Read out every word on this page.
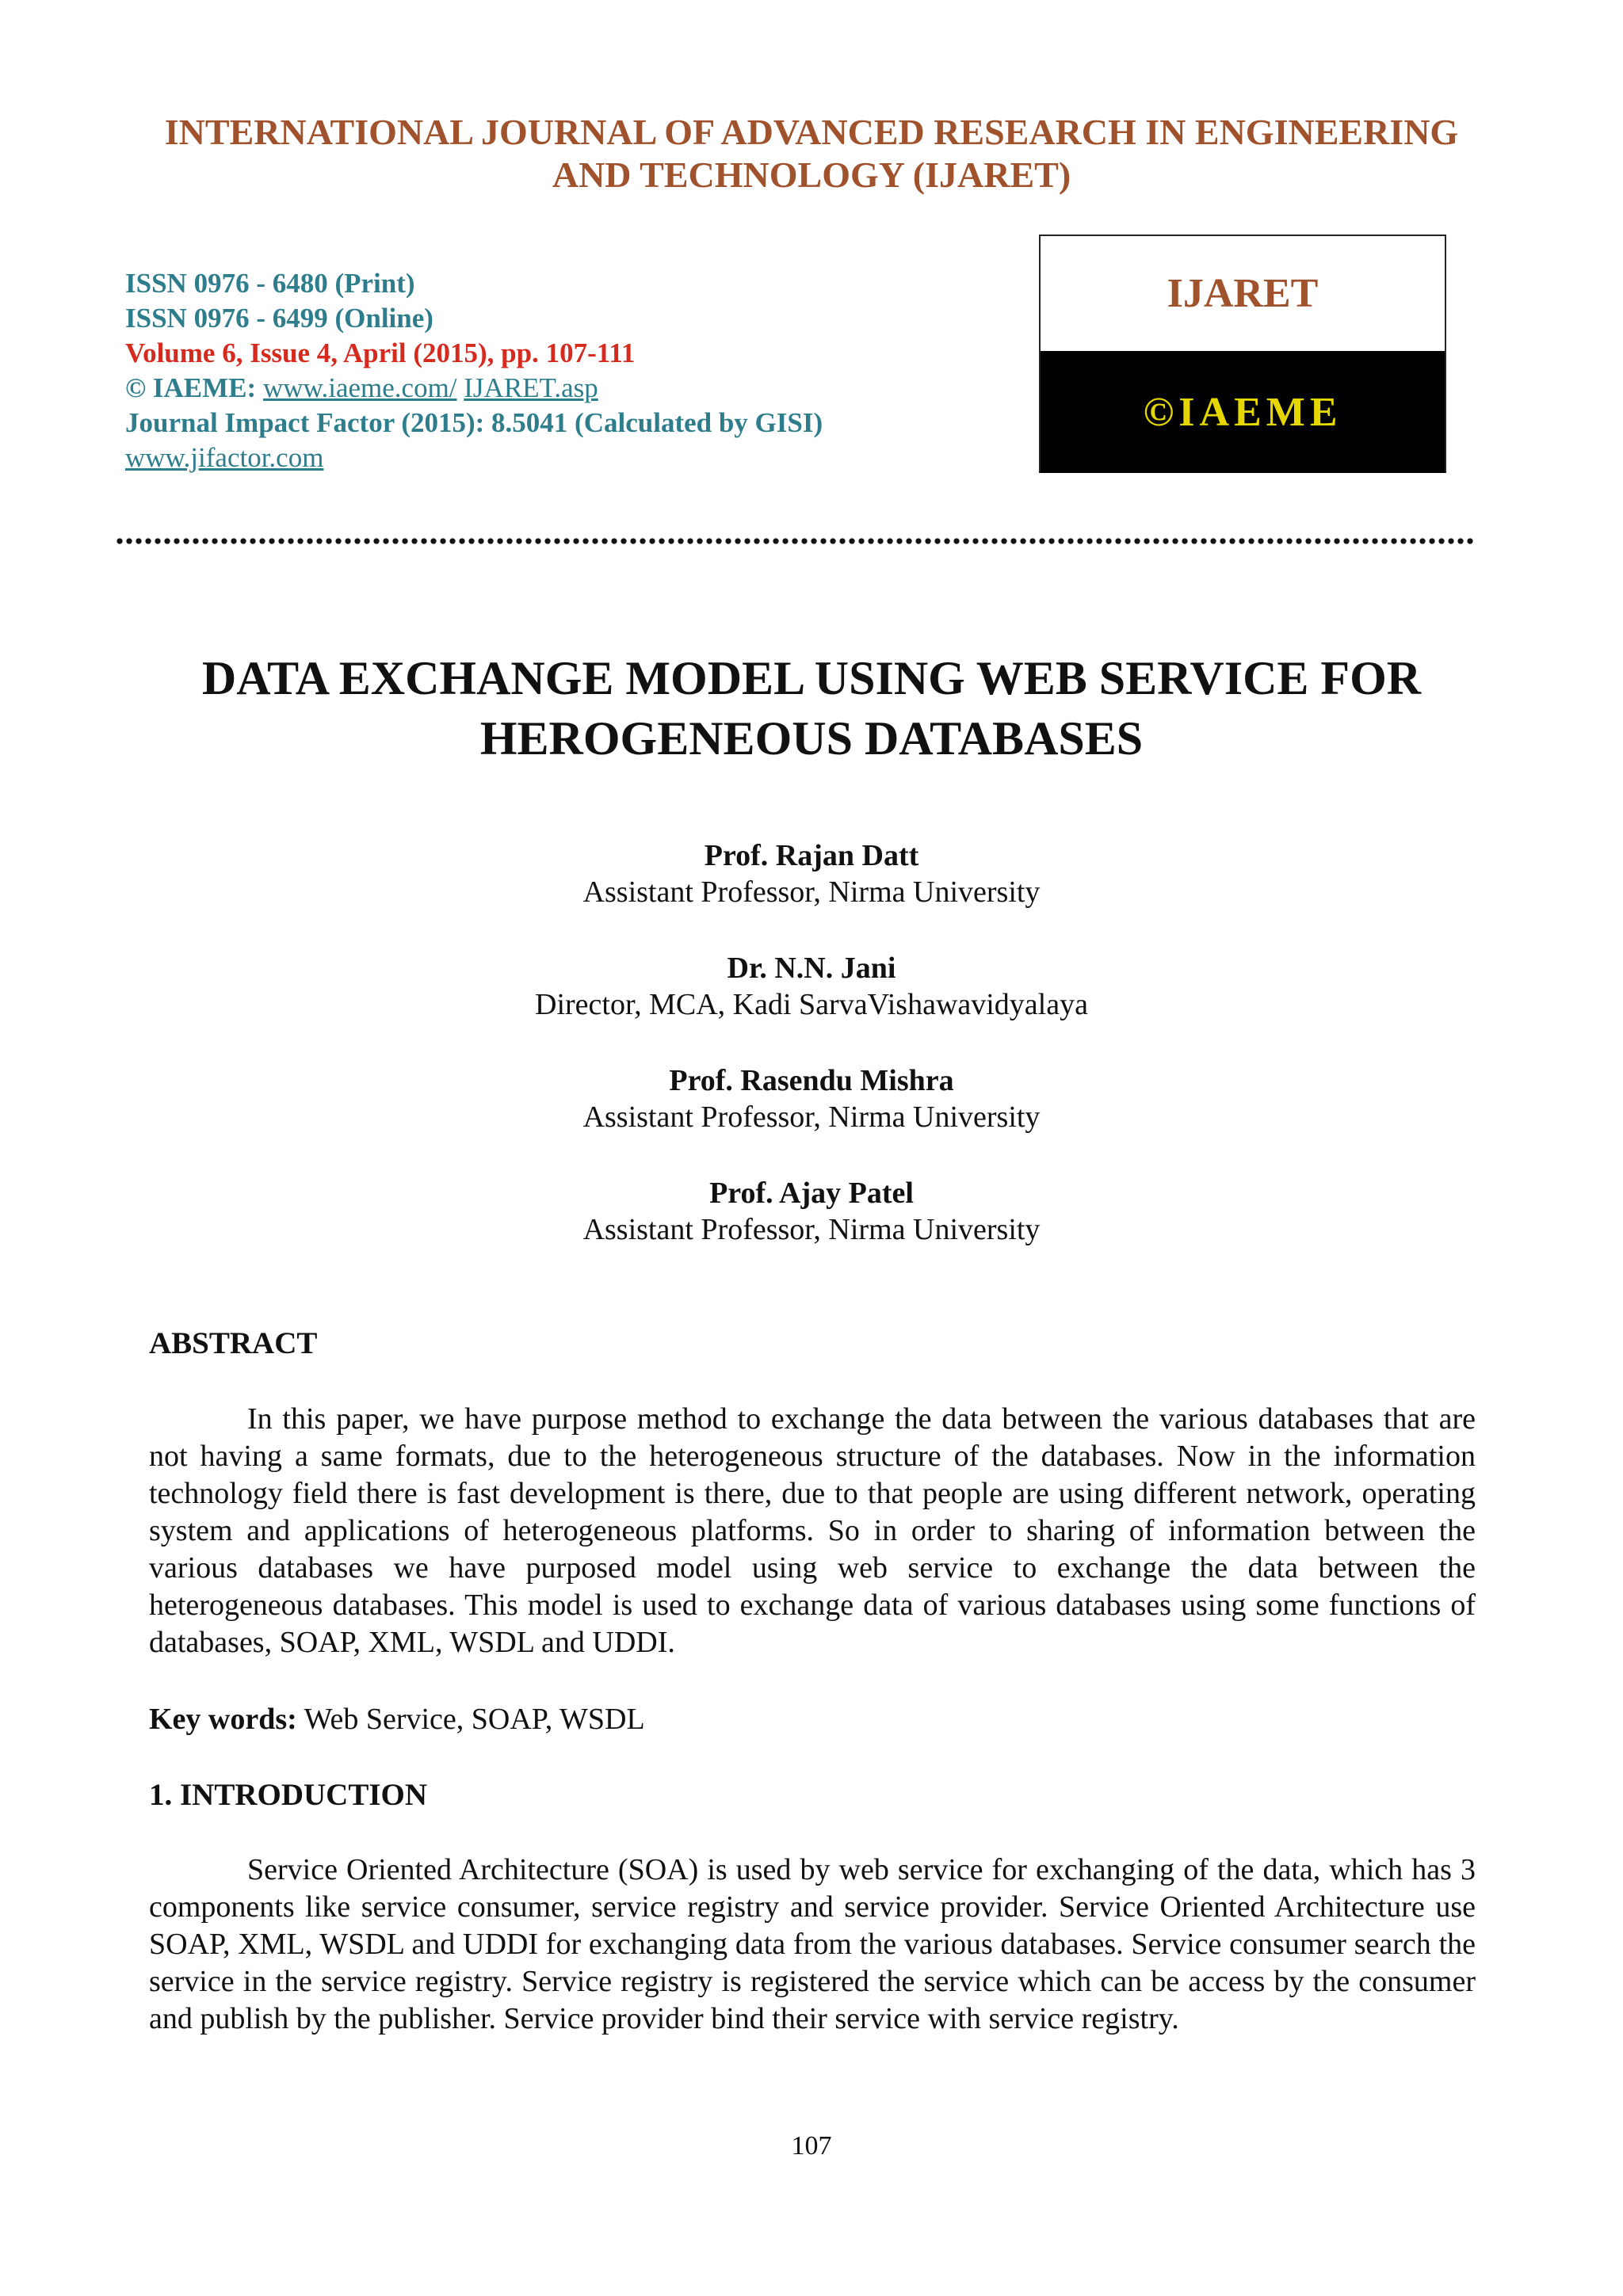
INTERNATIONAL JOURNAL OF ADVANCED RESEARCH IN ENGINEERING
AND TECHNOLOGY (IJARET)
ISSN 0976 - 6480 (Print)
ISSN 0976 - 6499 (Online)
Volume 6, Issue 4, April (2015), pp. 107-111
© IAEME: www.iaeme.com/ IJARET.asp
Journal Impact Factor (2015): 8.5041 (Calculated by GISI)
www.jifactor.com
IJARET
©IAEME
DATA EXCHANGE MODEL USING WEB SERVICE FOR
HEROGENEOUS DATABASES
Prof. Rajan Datt
Assistant Professor, Nirma University
Dr. N.N. Jani
Director, MCA, Kadi SarvaVishawavidyalaya
Prof. Rasendu Mishra
Assistant Professor, Nirma University
Prof. Ajay Patel
Assistant Professor, Nirma University
ABSTRACT
In this paper, we have purpose method to exchange the data between the various databases that are not having a same formats, due to the heterogeneous structure of the databases. Now in the information technology field there is fast development is there, due to that people are using different network, operating system and applications of heterogeneous platforms. So in order to sharing of information between the various databases we have purposed model using web service to exchange the data between the heterogeneous databases. This model is used to exchange data of various databases using some functions of databases, SOAP, XML, WSDL and UDDI.
Key words: Web Service, SOAP, WSDL
1. INTRODUCTION
Service Oriented Architecture (SOA) is used by web service for exchanging of the data, which has 3 components like service consumer, service registry and service provider. Service Oriented Architecture use SOAP, XML, WSDL and UDDI for exchanging data from the various databases. Service consumer search the service in the service registry. Service registry is registered the service which can be access by the consumer and publish by the publisher. Service provider bind their service with service registry.
107
